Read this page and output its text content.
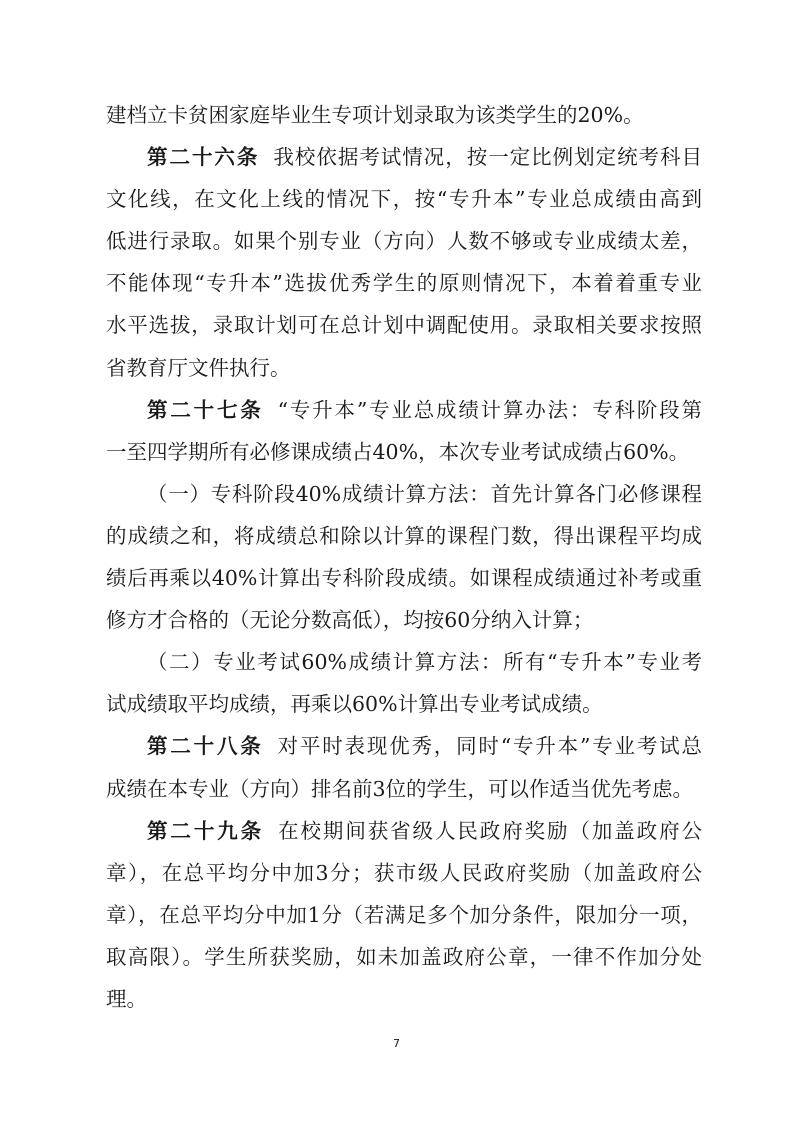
建档立卡贫困家庭毕业生专项计划录取为该类学生的20%。
第二十六条 我校依据考试情况，按一定比例划定统考科目
文化线，在文化上线的情况下，按“专升本”专业总成绩由高到
低进行录取。如果个别专业（方向）人数不够或专业成绩太差，
不能体现“专升本”选拔优秀学生的原则情况下，本着着重专业
水平选拔，录取计划可在总计划中调配使用。录取相关要求按照
省教育厅文件执行。
第二十七条 “专升本”专业总成绩计算办法：专科阶段第
一至四学期所有必修课成绩占40%，本次专业考试成绩占60%。
（一）专科阶段40%成绩计算方法：首先计算各门必修课程
的成绩之和，将成绩总和除以计算的课程门数，得出课程平均成
绩后再乘以40%计算出专科阶段成绩。如课程成绩通过补考或重
修方才合格的（无论分数高低），均按60分纳入计算；
（二）专业考试60%成绩计算方法：所有“专升本”专业考
试成绩取平均成绩，再乘以60%计算出专业考试成绩。
第二十八条 对平时表现优秀，同时“专升本”专业考试总
成绩在本专业（方向）排名前3位的学生，可以作适当优先考虑。
第二十九条 在校期间获省级人民政府奖励（加盖政府公
章），在总平均分中加3分；获市级人民政府奖励（加盖政府公
章），在总平均分中加1分（若满足多个加分条件，限加分一项，
取高限）。学生所获奖励，如未加盖政府公章，一律不作加分处
理。
7
